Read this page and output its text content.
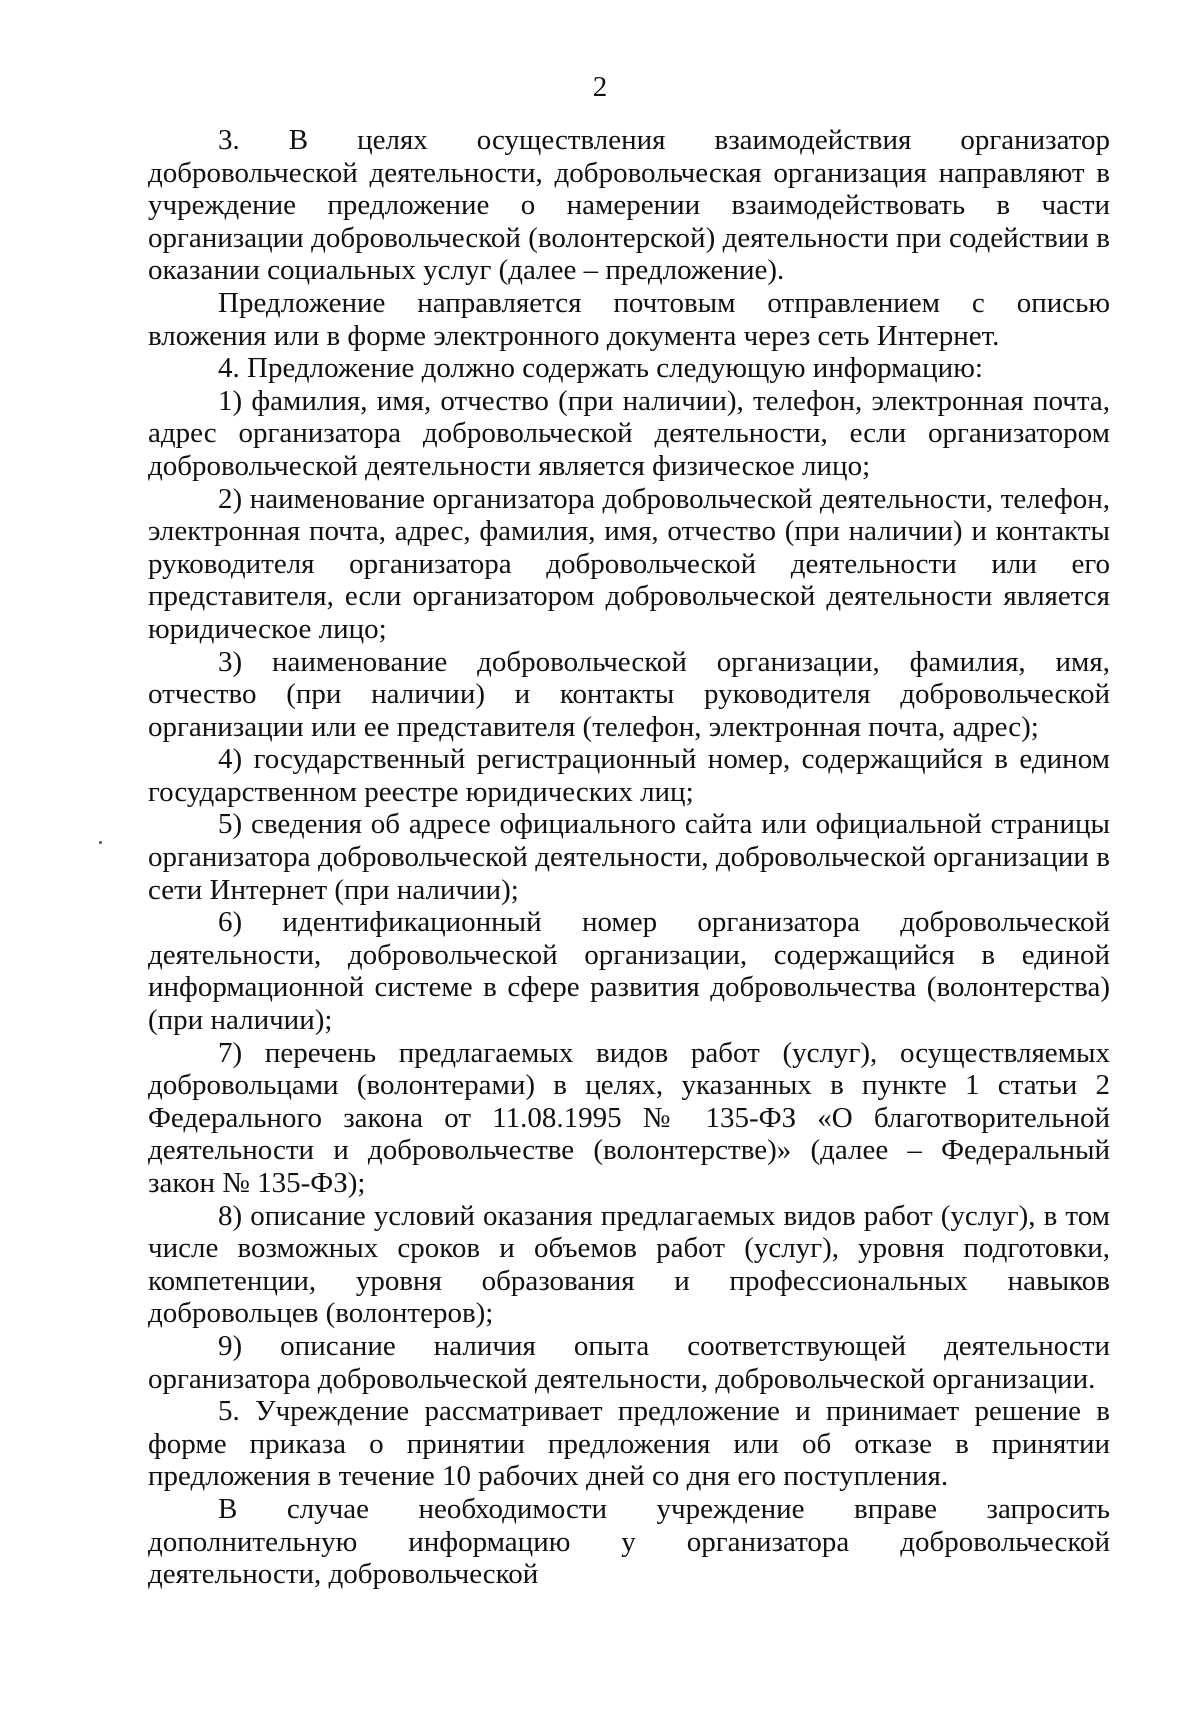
2

3. В целях осуществления взаимодействия организатор добровольческой деятельности, добровольческая организация направляют в учреждение предложение о намерении взаимодействовать в части организации добровольческой (волонтерской) деятельности при содействии в оказании социальных услуг (далее – предложение).

Предложение направляется почтовым отправлением с описью вложения или в форме электронного документа через сеть Интернет.

4. Предложение должно содержать следующую информацию:

1) фамилия, имя, отчество (при наличии), телефон, электронная почта, адрес организатора добровольческой деятельности, если организатором добровольческой деятельности является физическое лицо;

2) наименование организатора добровольческой деятельности, телефон, электронная почта, адрес, фамилия, имя, отчество (при наличии) и контакты руководителя организатора добровольческой деятельности или его представителя, если организатором добровольческой деятельности является юридическое лицо;

3) наименование добровольческой организации, фамилия, имя, отчество (при наличии) и контакты руководителя добровольческой организации или ее представителя (телефон, электронная почта, адрес);

4) государственный регистрационный номер, содержащийся в едином государственном реестре юридических лиц;

5) сведения об адресе официального сайта или официальной страницы организатора добровольческой деятельности, добровольческой организации в сети Интернет (при наличии);

6) идентификационный номер организатора добровольческой деятельности, добровольческой организации, содержащийся в единой информационной системе в сфере развития добровольчества (волонтерства) (при наличии);

7) перечень предлагаемых видов работ (услуг), осуществляемых добровольцами (волонтерами) в целях, указанных в пункте 1 статьи 2 Федерального закона от 11.08.1995 № 135-ФЗ «О благотворительной деятельности и добровольчестве (волонтерстве)» (далее – Федеральный закон № 135-ФЗ);

8) описание условий оказания предлагаемых видов работ (услуг), в том числе возможных сроков и объемов работ (услуг), уровня подготовки, компетенции, уровня образования и профессиональных навыков добровольцев (волонтеров);

9) описание наличия опыта соответствующей деятельности организатора добровольческой деятельности, добровольческой организации.

5. Учреждение рассматривает предложение и принимает решение в форме приказа о принятии предложения или об отказе в принятии предложения в течение 10 рабочих дней со дня его поступления.

В случае необходимости учреждение вправе запросить дополнительную информацию у организатора добровольческой деятельности, добровольческой
